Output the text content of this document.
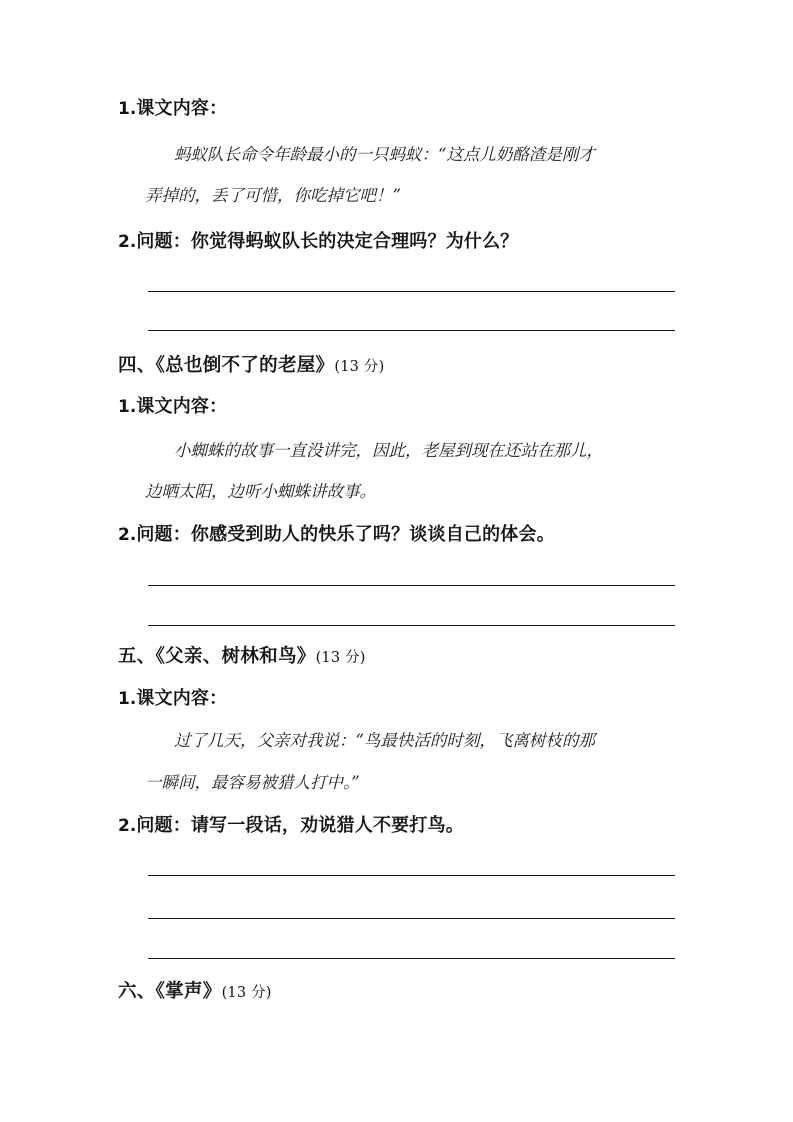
1.课文内容：
蚂蚁队长命令年龄最小的一只蚂蚁：“这点儿奶酪渣是刚才
弄掉的，丢了可惜，你吃掉它吧！”
2.问题：你觉得蚂蚁队长的决定合理吗？为什么？
四、《总也倒不了的老屋》(13 分)
1.课文内容：
小蜘蛛的故事一直没讲完，因此，老屋到现在还站在那儿，
边晒太阳，边听小蜘蛛讲故事。
2.问题：你感受到助人的快乐了吗？谈谈自己的体会。
五、《父亲、树林和鸟》(13 分)
1.课文内容：
过了几天，父亲对我说：“鸟最快活的时刻，飞离树枝的那
一瞬间，最容易被猎人打中。”
2.问题：请写一段话，劝说猎人不要打鸟。
六、《掌声》(13 分)
